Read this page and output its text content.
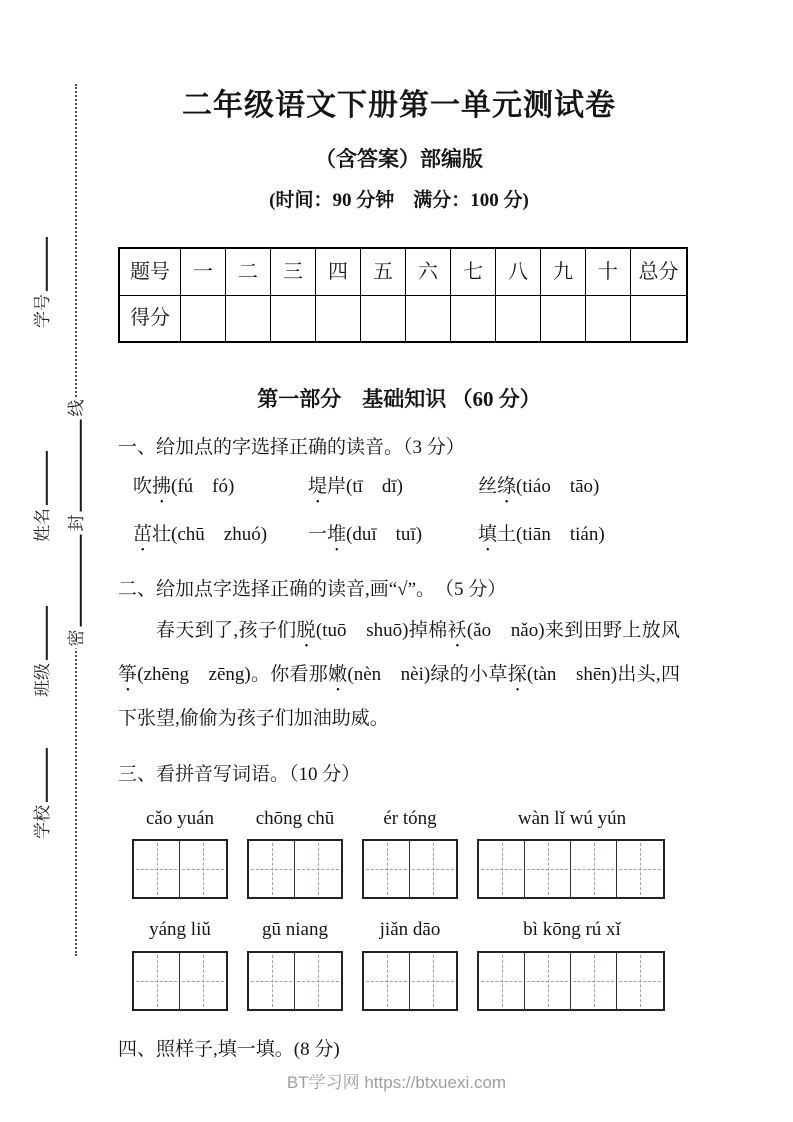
学号
姓名
班级
学校
密封线
二年级语文下册第一单元测试卷
（含答案）部编版
(时间：90 分钟　满分：100 分)
题号	一	二	三	四	五	六	七	八	九	十	总分
得分
第一部分　基础知识 （60 分）
一、给加点的字选择正确的读音。（3 分）
吹拂(fú　fó)	堤岸(tī　dī)	丝绦(tiáo　tāo)
茁壮(chū　zhuó)	一堆(duī　tuī)	填土(tiān　tián)
二、给加点字选择正确的读音,画“√”。　（5 分）

春天到了,孩子们脱(tuō　shuō)掉棉袄(ǎo　nǎo)来到田野上放风筝(zhēng　zēng)。你看那嫩(nèn　nèi)绿的小草探(tàn　shēn)出头,四下张望,偷偷为孩子们加油助威。

三、看拼音写词语。（10 分）
cǎo yuán	chōng chū	ér tóng	wàn lǐ wú yún
yáng liǔ	gū niang	jiǎn dāo	bì kōng rú xǐ
四、照样子,填一填。(8 分)
BT学习网 https://btxuexi.com
